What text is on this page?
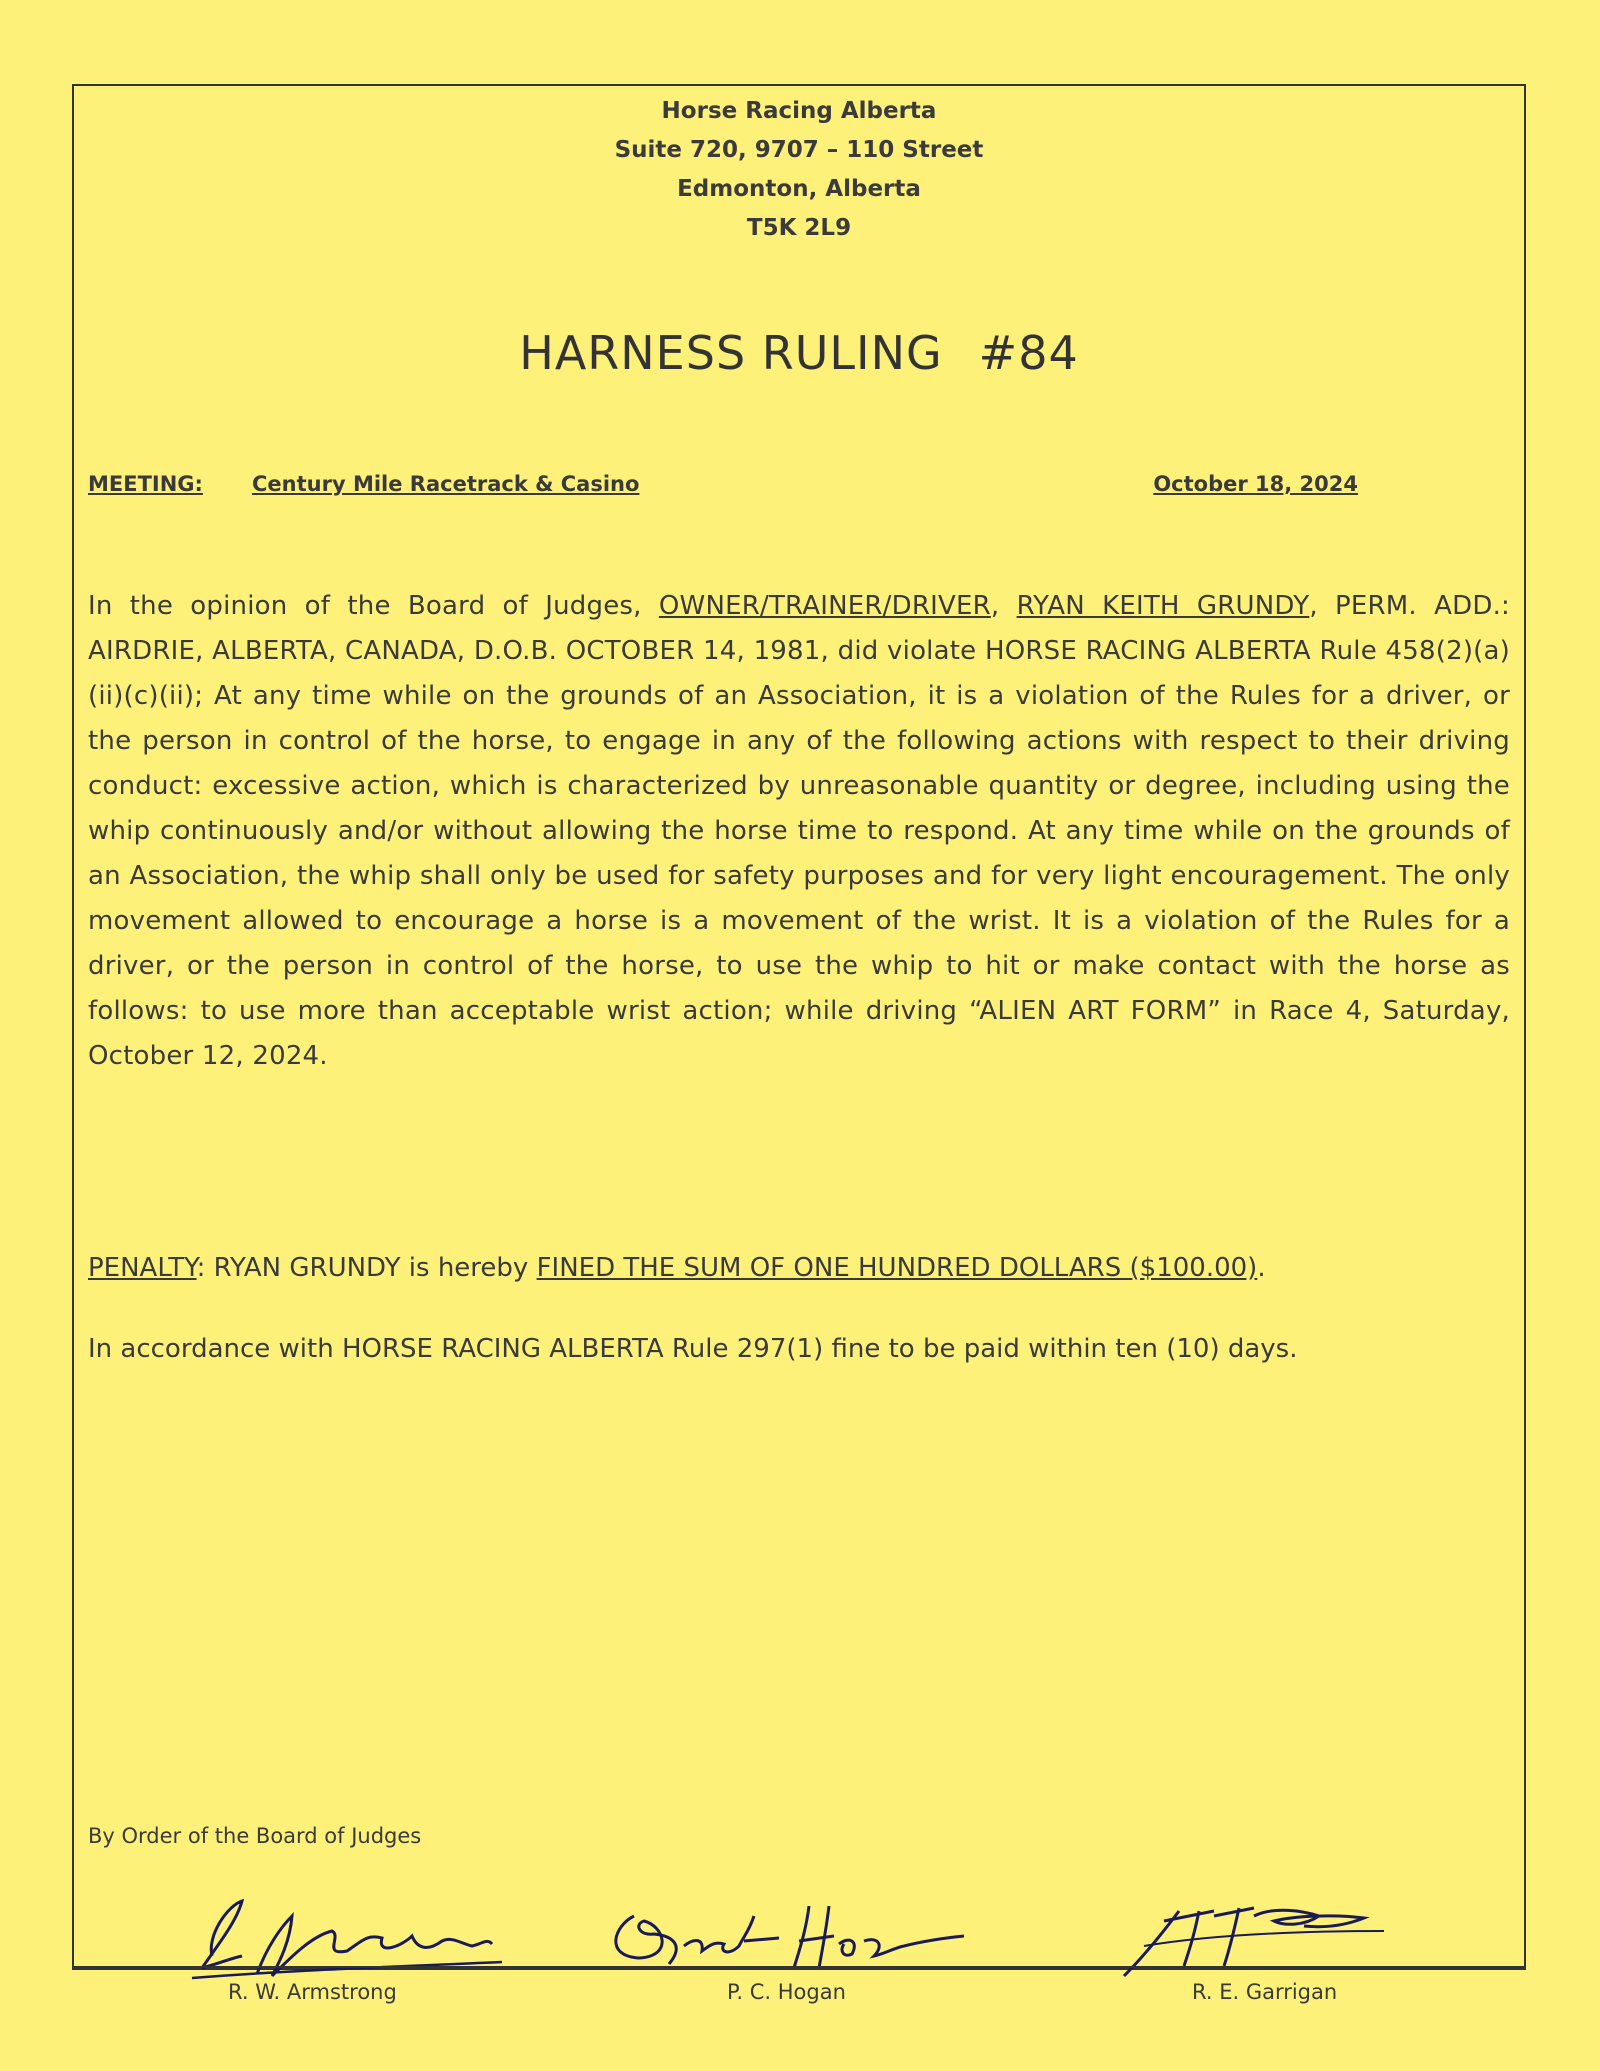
Horse Racing Alberta
Suite 720, 9707 – 110 Street
Edmonton, Alberta
T5K 2L9
HARNESS RULING #84
MEETING: Century Mile Racetrack & Casino	October 18, 2024
In the opinion of the Board of Judges, OWNER/TRAINER/DRIVER, RYAN KEITH GRUNDY, PERM. ADD.: AIRDRIE, ALBERTA, CANADA, D.O.B. OCTOBER 14, 1981, did violate HORSE RACING ALBERTA Rule 458(2)(a)(ii)(c)(ii); At any time while on the grounds of an Association, it is a violation of the Rules for a driver, or the person in control of the horse, to engage in any of the following actions with respect to their driving conduct: excessive action, which is characterized by unreasonable quantity or degree, including using the whip continuously and/or without allowing the horse time to respond. At any time while on the grounds of an Association, the whip shall only be used for safety purposes and for very light encouragement. The only movement allowed to encourage a horse is a movement of the wrist. It is a violation of the Rules for a driver, or the person in control of the horse, to use the whip to hit or make contact with the horse as follows: to use more than acceptable wrist action; while driving “ALIEN ART FORM” in Race 4, Saturday, October 12, 2024.
PENALTY: RYAN GRUNDY is hereby FINED THE SUM OF ONE HUNDRED DOLLARS ($100.00).
In accordance with HORSE RACING ALBERTA Rule 297(1) fine to be paid within ten (10) days.
By Order of the Board of Judges
R. W. Armstrong	P. C. Hogan	R. E. Garrigan
